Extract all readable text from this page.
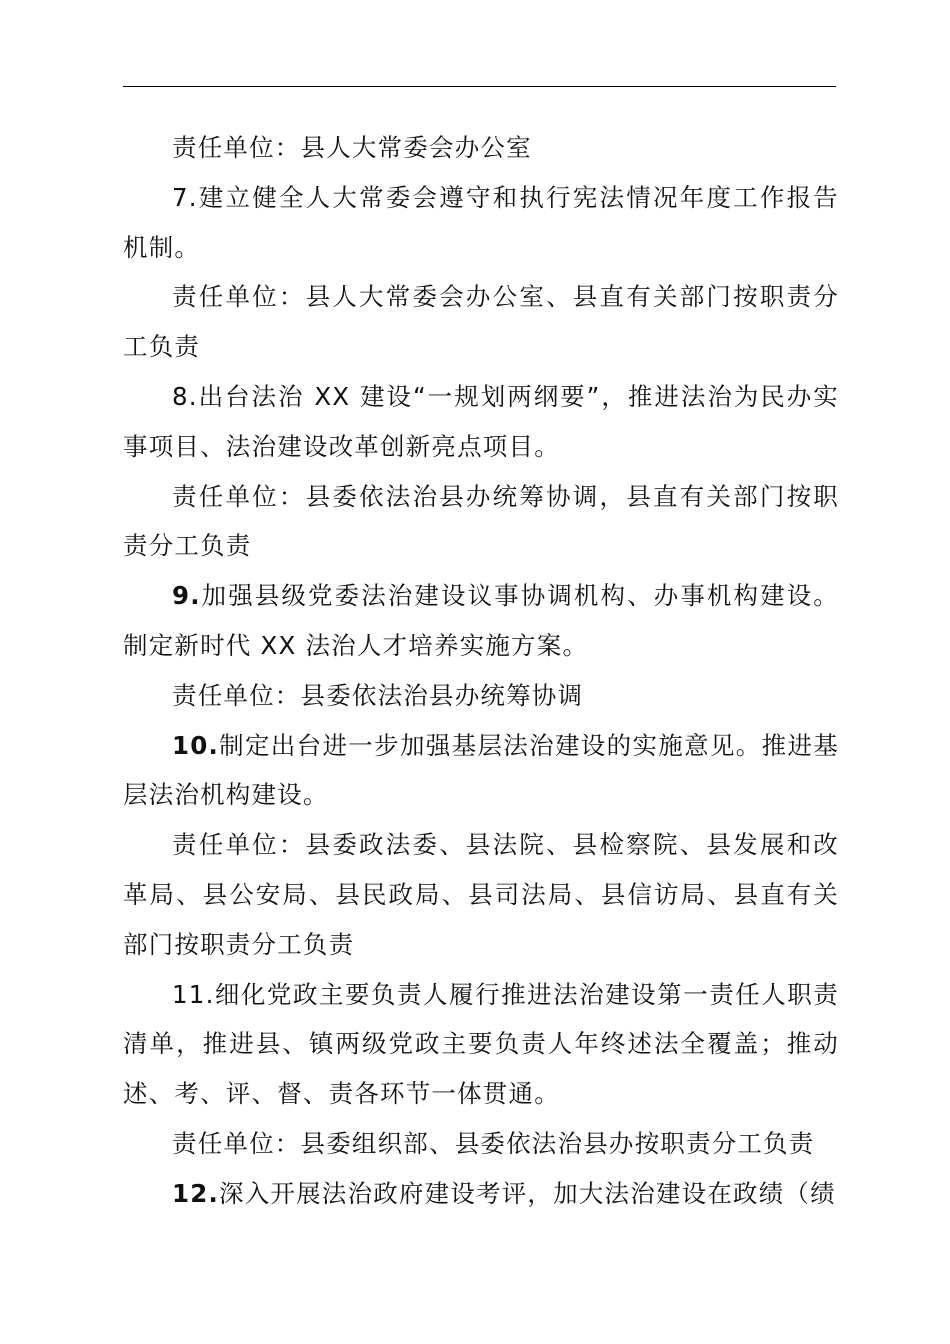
责任单位：县人大常委会办公室

7.建立健全人大常委会遵守和执行宪法情况年度工作报告机制。

责任单位：县人大常委会办公室、县直有关部门按职责分工负责

8.出台法治 XX 建设“一规划两纲要”，推进法治为民办实事项目、法治建设改革创新亮点项目。

责任单位：县委依法治县办统筹协调，县直有关部门按职责分工负责

9.加强县级党委法治建设议事协调机构、办事机构建设。制定新时代 XX 法治人才培养实施方案。

责任单位：县委依法治县办统筹协调

10.制定出台进一步加强基层法治建设的实施意见。推进基层法治机构建设。

责任单位：县委政法委、县法院、县检察院、县发展和改革局、县公安局、县民政局、县司法局、县信访局、县直有关部门按职责分工负责

11.细化党政主要负责人履行推进法治建设第一责任人职责清单，推进县、镇两级党政主要负责人年终述法全覆盖；推动述、考、评、督、责各环节一体贯通。

责任单位：县委组织部、县委依法治县办按职责分工负责

12.深入开展法治政府建设考评，加大法治建设在政绩（绩
